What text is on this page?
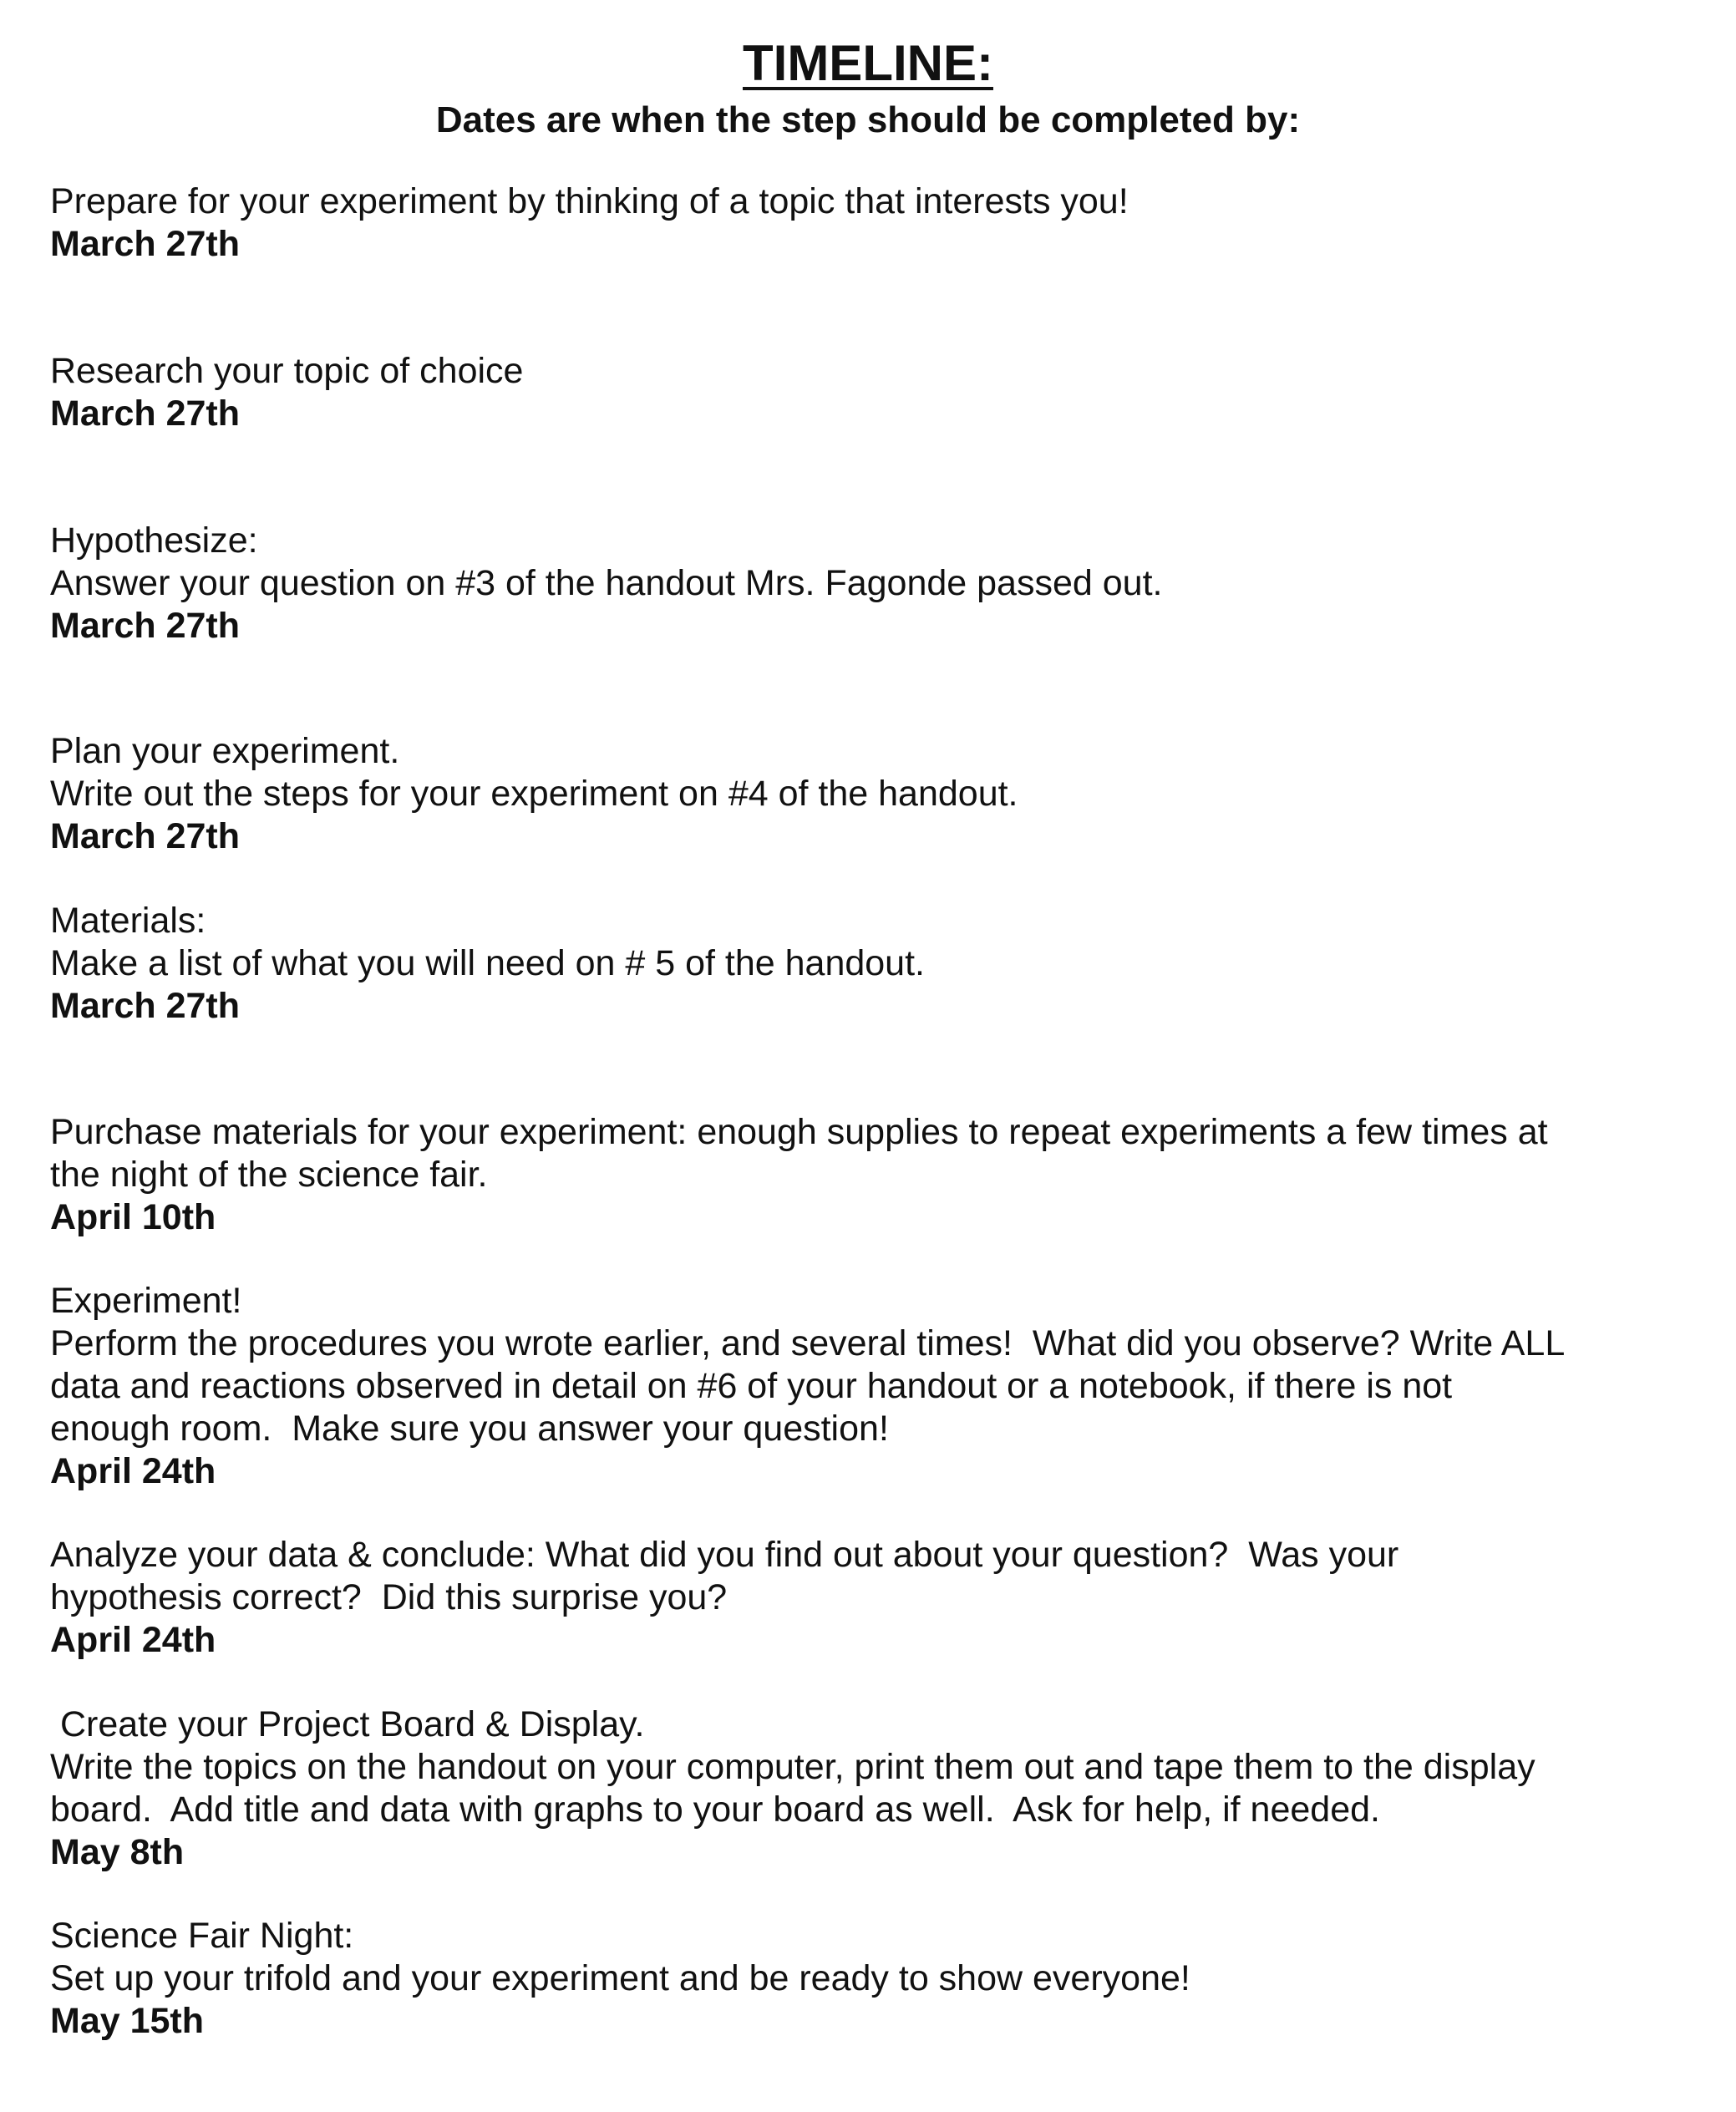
TIMELINE:
Dates are when the step should be completed by:
Prepare for your experiment by thinking of a topic that interests you!
March 27th
Research your topic of choice
March 27th
Hypothesize:
Answer your question on #3 of the handout Mrs. Fagonde passed out.
March 27th
Plan your experiment.
Write out the steps for your experiment on #4 of the handout.
March 27th
Materials:
Make a list of what you will need on # 5 of the handout.
March 27th
Purchase materials for your experiment: enough supplies to repeat experiments a few times at
the night of the science fair.
April 10th
Experiment!
Perform the procedures you wrote earlier, and several times!  What did you observe? Write ALL
data and reactions observed in detail on #6 of your handout or a notebook, if there is not
enough room.  Make sure you answer your question!
April 24th
Analyze your data & conclude: What did you find out about your question?  Was your
hypothesis correct?  Did this surprise you?
April 24th
Create your Project Board & Display.
Write the topics on the handout on your computer, print them out and tape them to the display
board.  Add title and data with graphs to your board as well.  Ask for help, if needed.
May 8th
Science Fair Night:
Set up your trifold and your experiment and be ready to show everyone!
May 15th
